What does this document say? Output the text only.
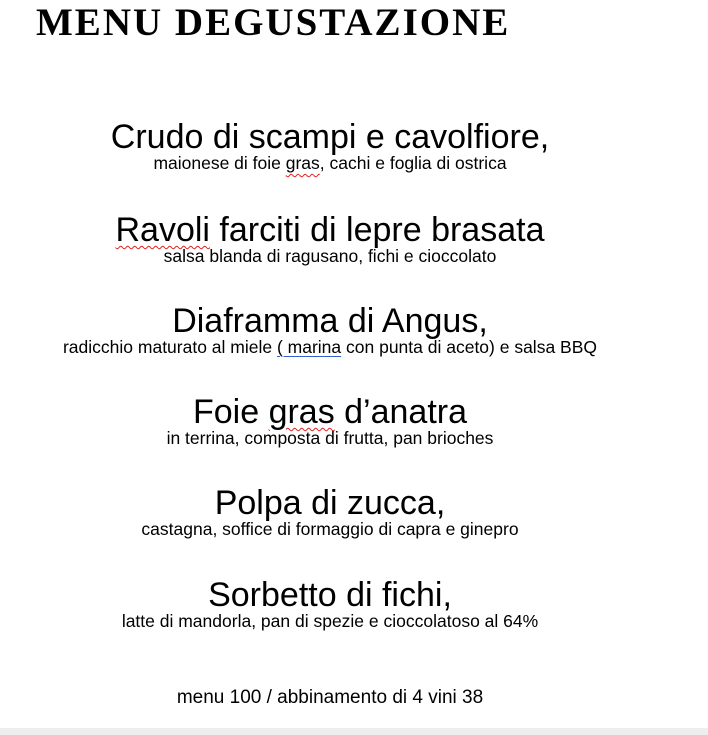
MENU DEGUSTAZIONE
Crudo di scampi e cavolfiore,
maionese di foie gras, cachi e foglia di ostrica
Ravoli farciti di lepre brasata
salsa blanda di ragusano, fichi e cioccolato
Diaframma di Angus,
radicchio maturato al miele ( marina con punta di aceto) e salsa BBQ
Foie gras d’anatra
in terrina, composta di frutta, pan brioches
Polpa di zucca,
castagna, soffice di formaggio di capra e ginepro
Sorbetto di fichi,
latte di mandorla, pan di spezie e cioccolatoso al 64%
menu 100 / abbinamento di 4 vini 38
